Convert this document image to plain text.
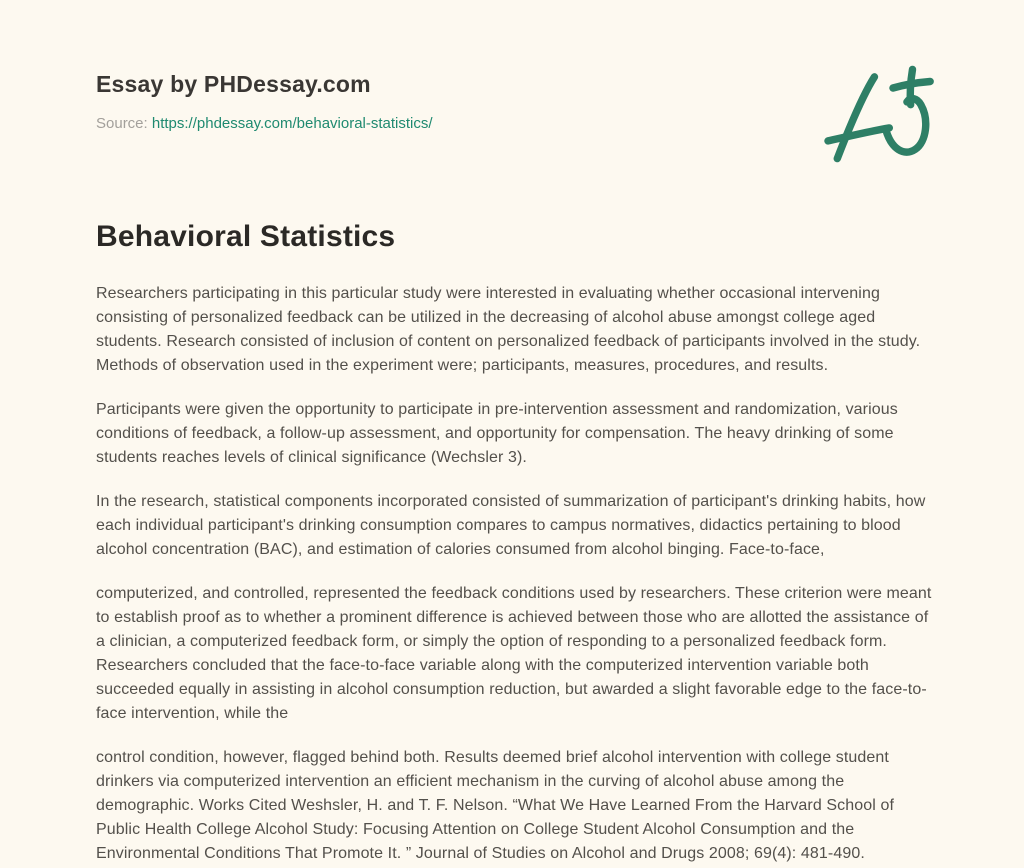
Essay by PHDessay.com
Source: https://phdessay.com/behavioral-statistics/
Behavioral Statistics

Researchers participating in this particular study were interested in evaluating whether occasional intervening consisting of personalized feedback can be utilized in the decreasing of alcohol abuse amongst college aged students. Research consisted of inclusion of content on personalized feedback of participants involved in the study. Methods of observation used in the experiment were; participants, measures, procedures, and results.

Participants were given the opportunity to participate in pre-intervention assessment and randomization, various conditions of feedback, a follow-up assessment, and opportunity for compensation. The heavy drinking of some students reaches levels of clinical significance (Wechsler 3).

In the research, statistical components incorporated consisted of summarization of participant's drinking habits, how each individual participant's drinking consumption compares to campus normatives, didactics pertaining to blood alcohol concentration (BAC), and estimation of calories consumed from alcohol binging. Face-to-face,

computerized, and controlled, represented the feedback conditions used by researchers. These criterion were meant to establish proof as to whether a prominent difference is achieved between those who are allotted the assistance of a clinician, a computerized feedback form, or simply the option of responding to a personalized feedback form. Researchers concluded that the face-to-face variable along with the computerized intervention variable both succeeded equally in assisting in alcohol consumption reduction, but awarded a slight favorable edge to the face-to-face intervention, while the

control condition, however, flagged behind both. Results deemed brief alcohol intervention with college student drinkers via computerized intervention an efficient mechanism in the curving of alcohol abuse among the demographic. Works Cited Weshsler, H. and T. F. Nelson. “What We Have Learned From the Harvard School of Public Health College Alcohol Study: Focusing Attention on College Student Alcohol Consumption and the Environmental Conditions That Promote It. ” Journal of Studies on Alcohol and Drugs 2008; 69(4): 481-490.
